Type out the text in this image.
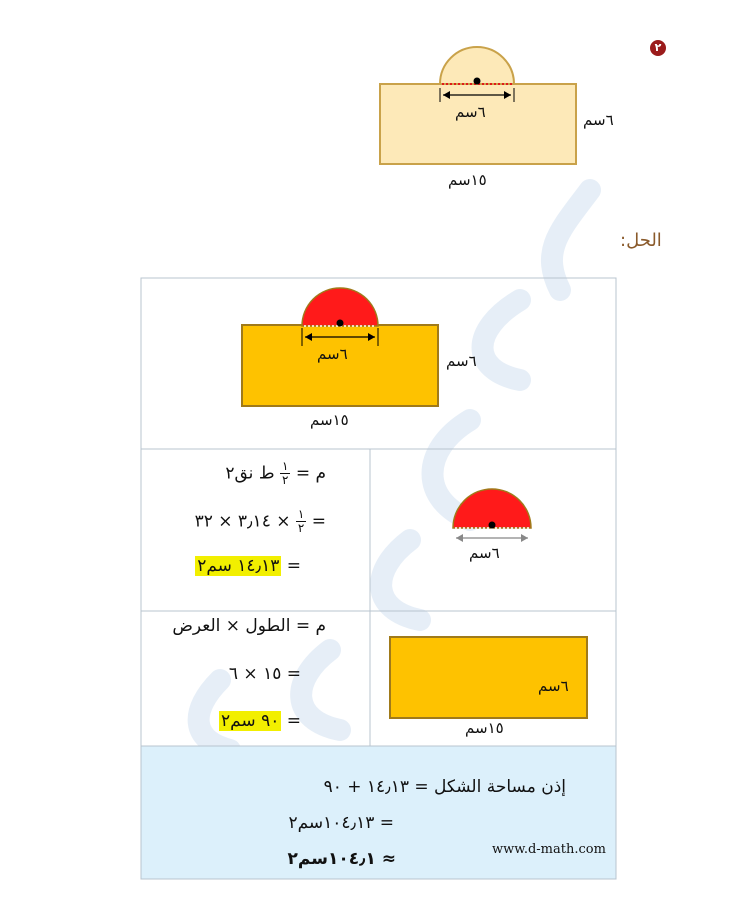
٢
٦سم	٦سم
١٥سم
الحل:
٦سم	٦سم
١٥سم
٦سم
م =
$\frac{١}{٢}$
ط نق٢
=
$\frac{١}{٢}$
× ٣٫١٤ × ٣٢
= ١٤٫١٣ سم٢
٦سم
١٥سم
م = الطول × العرض
= ١٥ × ٦
= ٩٠ سم٢
إذن مساحة الشكل = ١٤٫١٣ + ٩٠
= ١٠٤٫١٣سم٢
≈ ١٠٤٫١سم٢	www.d-math.com
